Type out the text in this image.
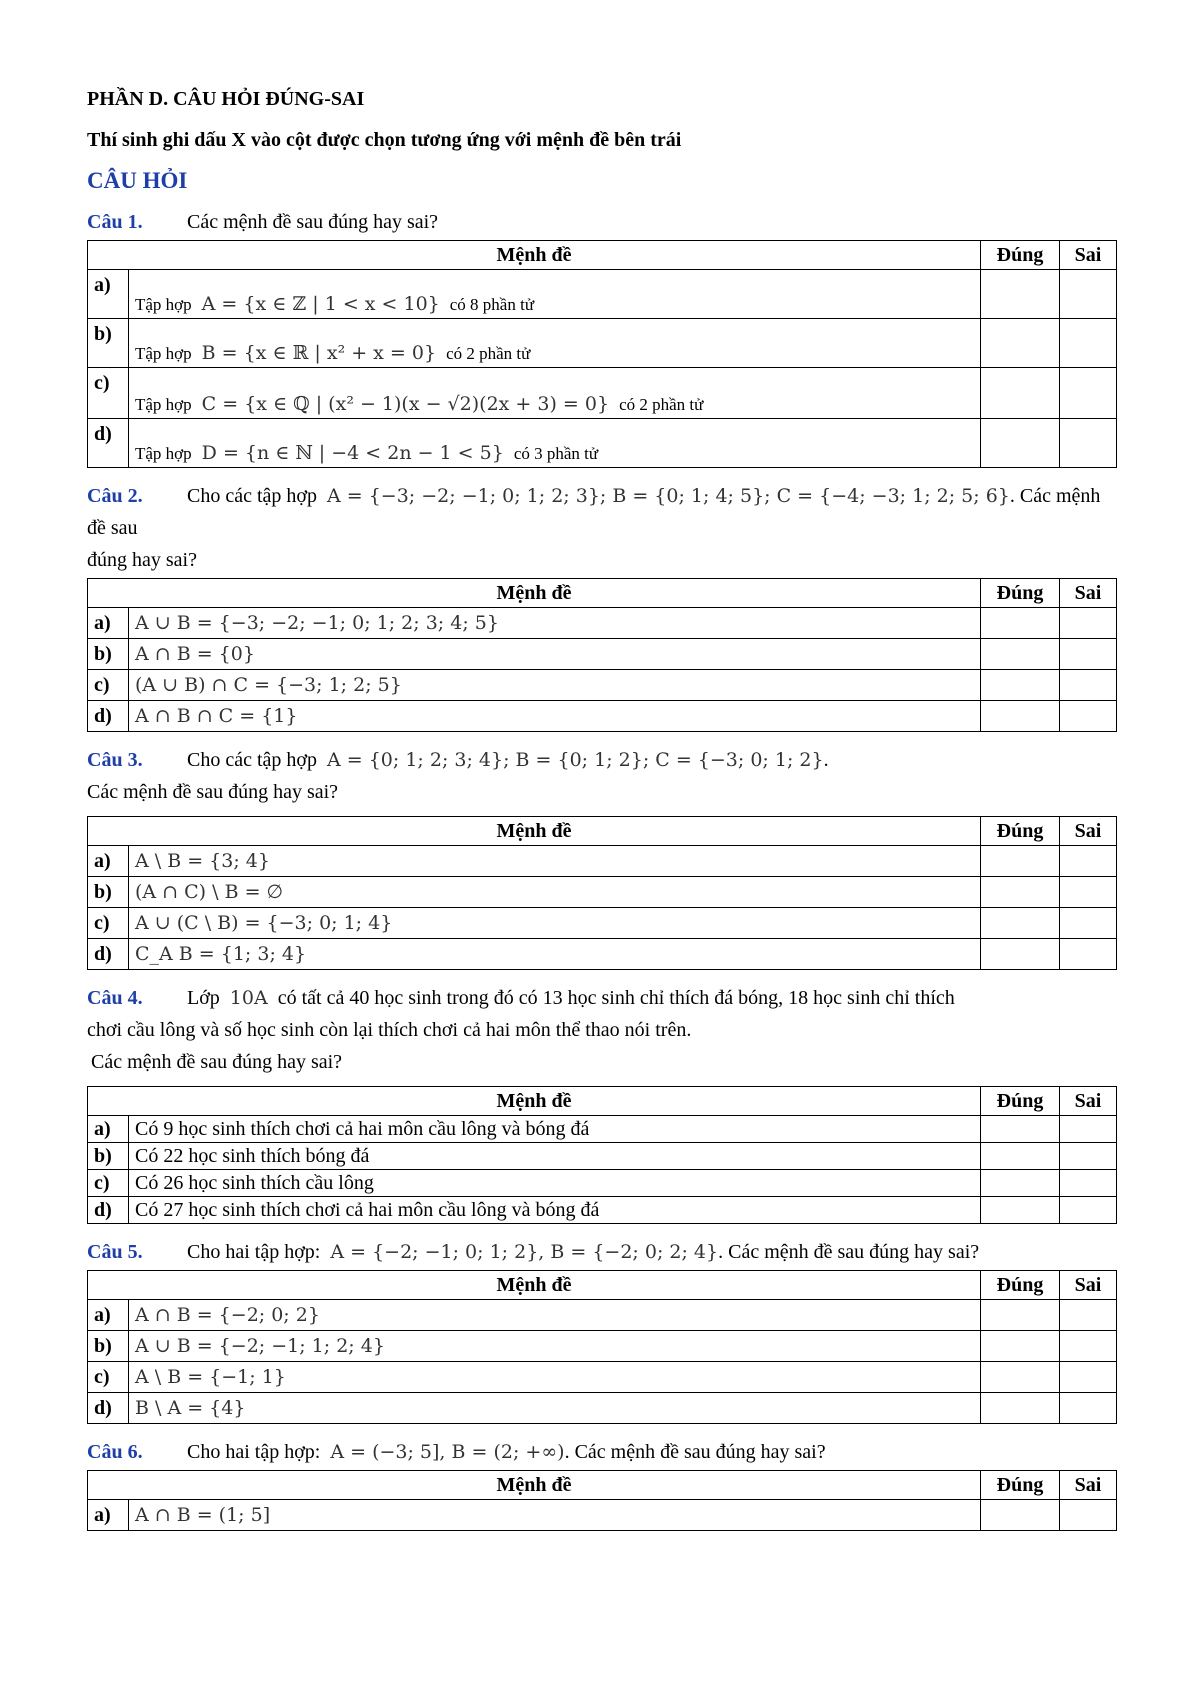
PHẦN D. CÂU HỎI ĐÚNG-SAI
Thí sinh ghi dấu X vào cột được chọn tương ứng với mệnh đề bên trái
CÂU HỎI

Câu 1. Các mệnh đề sau đúng hay sai?

Mệnh đề		Đúng	Sai
a)	Tập hợp A = {x ∈ ℤ | 1 < x < 10} có 8 phần tử		
b)	Tập hợp B = {x ∈ ℝ | x² + x = 0} có 2 phần tử		
c)	Tập hợp C = {x ∈ ℚ | (x² − 1)(x − √2)(2x + 3) = 0} có 2 phần tử		
d)	Tập hợp D = {n ∈ ℕ | −4 < 2n − 1 < 5} có 3 phần tử		

Câu 2. Cho các tập hợp A = {−3; −2; −1; 0; 1; 2; 3}; B = {0; 1; 4; 5}; C = {−4; −3; 1; 2; 5; 6}. Các mệnh đề sau

đúng hay sai?

Mệnh đề		Đúng	Sai
a)	A ∪ B = {−3; −2; −1; 0; 1; 2; 3; 4; 5}		
b)	A ∩ B = {0}		
c)	(A ∪ B) ∩ C = {−3; 1; 2; 5}		
d)	A ∩ B ∩ C = {1}		

Câu 3. Cho các tập hợp A = {0; 1; 2; 3; 4}; B = {0; 1; 2}; C = {−3; 0; 1; 2}.

Các mệnh đề sau đúng hay sai?

Mệnh đề		Đúng	Sai
a)	A \ B = {3; 4}		
b)	(A ∩ C) \ B = ∅		
c)	A ∪ (C \ B) = {−3; 0; 1; 4}		
d)	C_A B = {1; 3; 4}		

Câu 4. Lớp 10A có tất cả 40 học sinh trong đó có 13 học sinh chỉ thích đá bóng, 18 học sinh chỉ thích

chơi cầu lông và số học sinh còn lại thích chơi cả hai môn thể thao nói trên.

Các mệnh đề sau đúng hay sai?

Mệnh đề		Đúng	Sai
a)	Có 9 học sinh thích chơi cả hai môn cầu lông và bóng đá		
b)	Có 22 học sinh thích bóng đá		
c)	Có 26 học sinh thích cầu lông		
d)	Có 27 học sinh thích chơi cả hai môn cầu lông và bóng đá		

Câu 5. Cho hai tập hợp: A = {−2; −1; 0; 1; 2}, B = {−2; 0; 2; 4}. Các mệnh đề sau đúng hay sai?

Mệnh đề		Đúng	Sai
a)	A ∩ B = {−2; 0; 2}		
b)	A ∪ B = {−2; −1; 1; 2; 4}		
c)	A \ B = {−1; 1}		
d)	B \ A = {4}		

Câu 6. Cho hai tập hợp: A = (−3; 5], B = (2; +∞). Các mệnh đề sau đúng hay sai?

Mệnh đề		Đúng	Sai
a)	A ∩ B = (1; 5]		
